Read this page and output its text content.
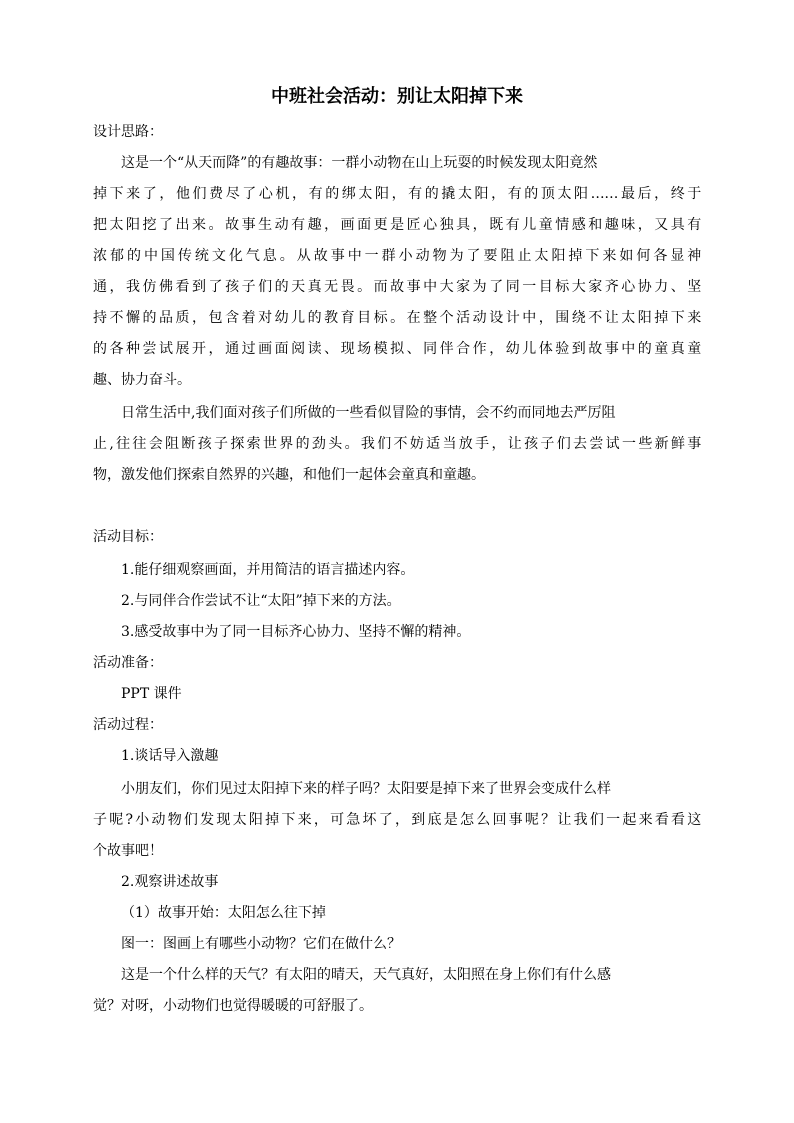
中班社会活动：别让太阳掉下来
设计思路：
这是一个“从天而降”的有趣故事：一群小动物在山上玩耍的时候发现太阳竟然
掉下来了，他们费尽了心机，有的绑太阳，有的撬太阳，有的顶太阳……最后，终于
把太阳挖了出来。故事生动有趣，画面更是匠心独具，既有儿童情感和趣味，又具有
浓郁的中国传统文化气息。从故事中一群小动物为了要阻止太阳掉下来如何各显神
通，我仿佛看到了孩子们的天真无畏。而故事中大家为了同一目标大家齐心协力、坚
持不懈的品质，包含着对幼儿的教育目标。在整个活动设计中，围绕不让太阳掉下来
的各种尝试展开，通过画面阅读、现场模拟、同伴合作，幼儿体验到故事中的童真童
趣、协力奋斗。
日常生活中,我们面对孩子们所做的一些看似冒险的事情，会不约而同地去严厉阻
止,往往会阻断孩子探索世界的劲头。我们不妨适当放手，让孩子们去尝试一些新鲜事
物，激发他们探索自然界的兴趣，和他们一起体会童真和童趣。
活动目标：
1.能仔细观察画面，并用简洁的语言描述内容。
2.与同伴合作尝试不让“太阳”掉下来的方法。
3.感受故事中为了同一目标齐心协力、坚持不懈的精神。
活动准备：
PPT 课件
活动过程：
1.谈话导入激趣
小朋友们，你们见过太阳掉下来的样子吗？太阳要是掉下来了世界会变成什么样
子呢?小动物们发现太阳掉下来，可急坏了，到底是怎么回事呢？让我们一起来看看这
个故事吧！
2.观察讲述故事
（1）故事开始：太阳怎么往下掉
图一：图画上有哪些小动物？它们在做什么？
这是一个什么样的天气？有太阳的晴天，天气真好，太阳照在身上你们有什么感
觉？对呀，小动物们也觉得暖暖的可舒服了。
